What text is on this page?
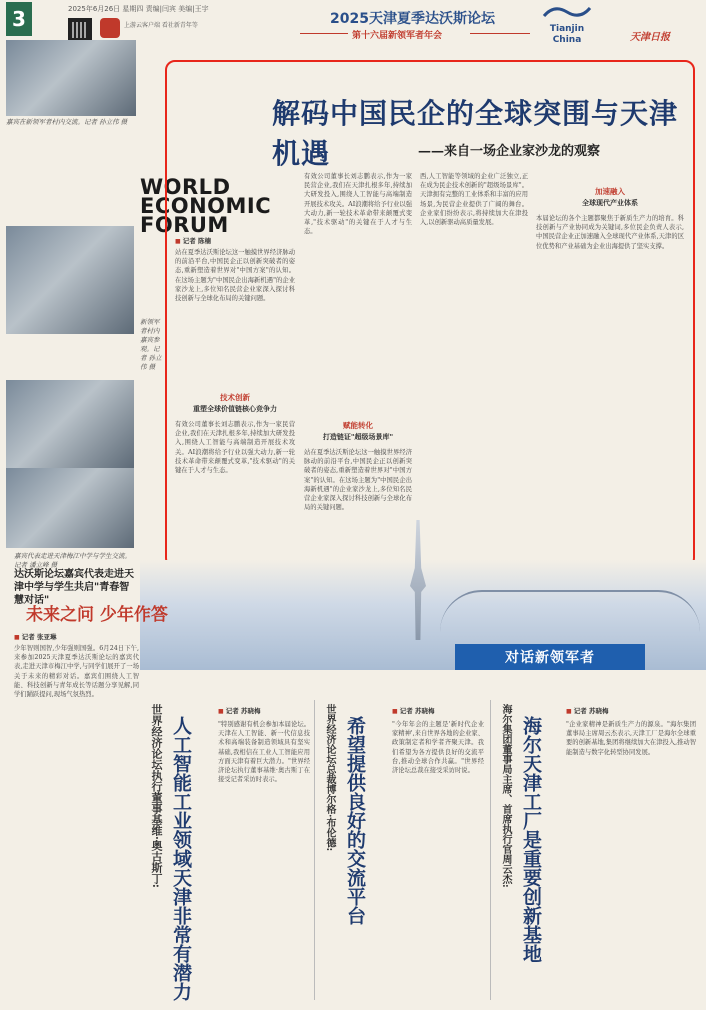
3	2025年6月26日 星期四 责编|闫宾 美编|王宇
上游云客户端 看社新青年等	2025天津夏季达沃斯论坛
第十六届新领军者年会
Tianjin China	天津日报
嘉宾在新领军者村内交流。记者 孙立伟 摄
WORLD ECONOMIC FORUM
新领军者村内嘉宾参观。记者 孙立伟 摄
嘉宾代表走进天津梅江中学与学生交流。记者 潘立峰 摄
解码中国民企的全球突围与天津机遇	——来自一场企业家沙龙的观察
■ 记者 陈楠
站在夏季达沃斯论坛这一触摸世界经济脉动的前沿平台,中国民企正以创新突破者的姿态,重新塑造着世界对"中国方案"的认知。在这场主题为"中国民企出海新机遇"的企业家沙龙上,多位知名民营企业家深入探讨科技创新与全球化布局的关键问题。
技术创新
重塑全球价值链核心竞争力
有效公司董事长刘志鹏表示,作为一家民营企业,我们在天津扎根多年,持续加大研发投入,围绕人工智能与高端制造开展技术攻关。AI浪潮将给予行业以强大动力,新一轮技术革命带来颠覆式变革,"技术驱动"的关键在于人才与生态。
有效公司董事长刘志鹏表示,作为一家民营企业,我们在天津扎根多年,持续加大研发投入,围绕人工智能与高端制造开展技术攻关。AI浪潮将给予行业以强大动力,新一轮技术革命带来颠覆式变革,"技术驱动"的关键在于人才与生态。
西,人工智能等领域的企业广泛独立,正在成为民企技术创新的"超级场景库"。天津拥有完整的工业体系和丰富的应用场景,为民营企业提供了广阔的舞台。企业家们纷纷表示,将持续加大在津投入,以创新驱动高质量发展。
赋能转化
打造链证"超级场景库"
站在夏季达沃斯论坛这一触摸世界经济脉动的前沿平台,中国民企正以创新突破者的姿态,重新塑造着世界对"中国方案"的认知。在这场主题为"中国民企出海新机遇"的企业家沙龙上,多位知名民营企业家深入探讨科技创新与全球化布局的关键问题。
加速融入
全球现代产业体系
本届论坛的各个主题都聚焦于新质生产力的培育。科技创新与产业协同成为关键词,多位民企负责人表示,中国民营企业正加速融入全球现代产业体系,天津的区位优势和产业基础为企业出海提供了坚实支撑。
对话新领军者
达沃斯论坛嘉宾代表走进天津中学与学生共启"青春智慧对话"
未来之问 少年作答
■ 记者 张亚琳
少年智则国智,少年强则国强。6月24日下午,来参加2025天津夏季达沃斯论坛的嘉宾代表,走进天津市梅江中学,与同学们展开了一场关于未来的精彩对话。嘉宾们围绕人工智能、科技创新与青年成长等话题分享见解,同学们踊跃提问,现场气氛热烈。
世界经济论坛执行董事基维·奥古斯丁: 人工智能工业领域天津非常有潜力
■ 记者 苏晓梅
"特别感谢有机会参加本届论坛。天津在人工智能、新一代信息技术和高端装备制造领域具有坚实基础,我相信在工业人工智能应用方面天津有着巨大潜力。"世界经济论坛执行董事基维·奥古斯丁在接受记者采访时表示。	世界经济论坛总裁博尔格·布伦德: 希望提供良好的交流平台
■ 记者 苏晓梅
"今年年会的主题是'新时代企业家精神',来自世界各地的企业家、政策制定者和学者齐聚天津。我们希望为各方提供良好的交流平台,推动全球合作共赢。"世界经济论坛总裁在接受采访时说。	海尔集团董事局主席、首席执行官周云杰: 海尔天津工厂是重要创新基地
■ 记者 苏晓梅
"企业家精神是新质生产力的源泉。"海尔集团董事局主席周云杰表示,天津工厂是海尔全球重要的创新基地,集团将继续加大在津投入,推动智能制造与数字化转型协同发展。
